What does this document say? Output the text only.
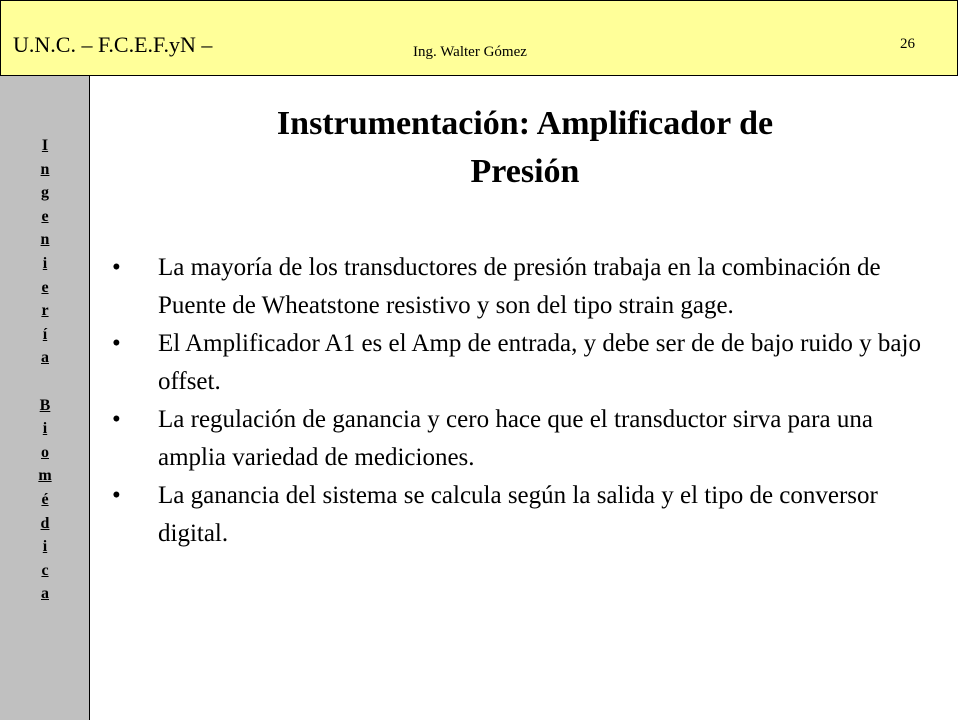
U.N.C. – F.C.E.F.yN –	Ing. Walter Gómez	26
I
n
g
e
n
i
e
r
í
a
B
i
o
m
é
d
i
c
a
Instrumentación: Amplificador de
Presión
• La mayoría de los transductores de presión trabaja en la combinación de Puente de Wheatstone resistivo y son del tipo strain gage.
• El Amplificador A1 es el Amp de entrada, y debe ser de de bajo ruido y bajo offset.
• La regulación de ganancia y cero hace que el transductor sirva para una amplia variedad de mediciones.
• La ganancia del sistema se calcula según la salida y el tipo de conversor digital.
